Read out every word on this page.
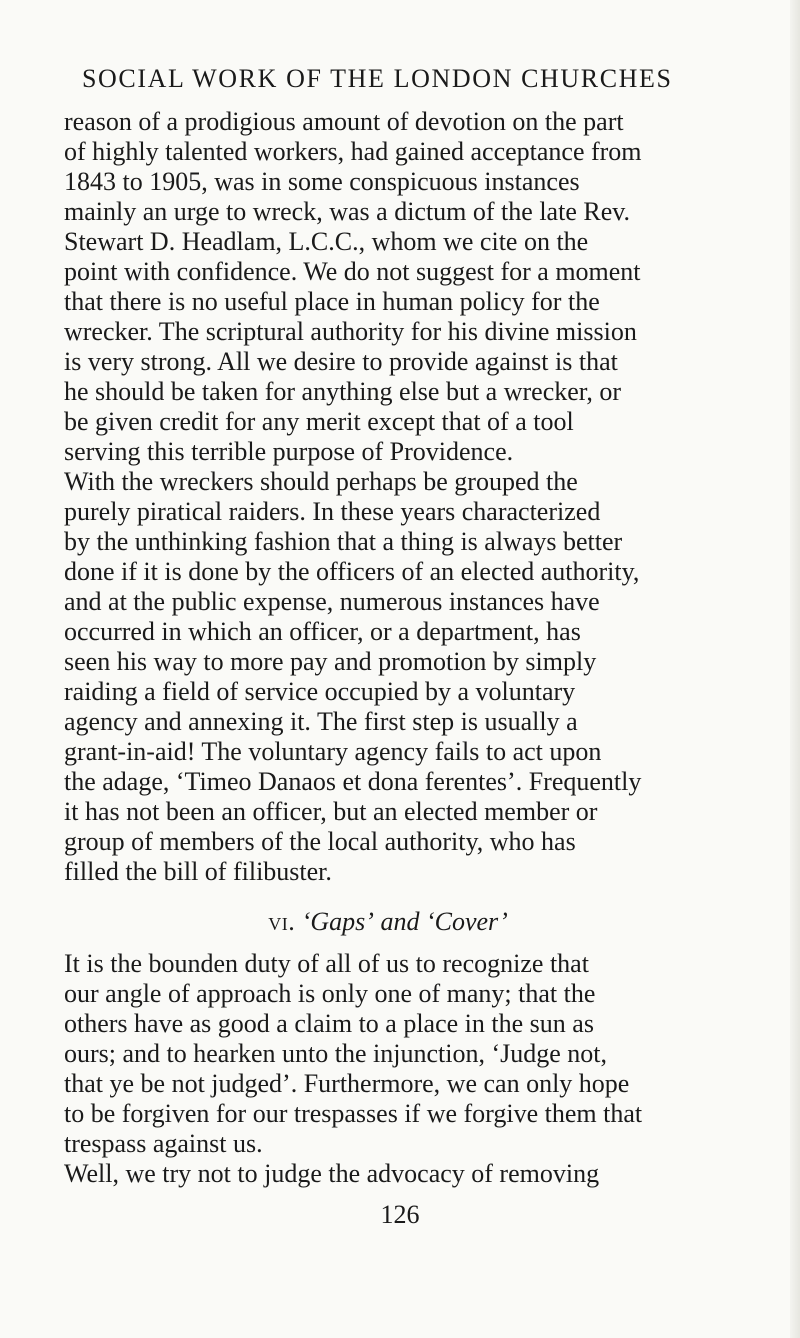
SOCIAL WORK OF THE LONDON CHURCHES
reason of a prodigious amount of devotion on the part
of highly talented workers, had gained acceptance from
1843 to 1905, was in some conspicuous instances
mainly an urge to wreck, was a dictum of the late Rev.
Stewart D. Headlam, L.C.C., whom we cite on the
point with confidence. We do not suggest for a moment
that there is no useful place in human policy for the
wrecker. The scriptural authority for his divine mission
is very strong. All we desire to provide against is that
he should be taken for anything else but a wrecker, or
be given credit for any merit except that of a tool
serving this terrible purpose of Providence.
With the wreckers should perhaps be grouped the
purely piratical raiders. In these years characterized
by the unthinking fashion that a thing is always better
done if it is done by the officers of an elected authority,
and at the public expense, numerous instances have
occurred in which an officer, or a department, has
seen his way to more pay and promotion by simply
raiding a field of service occupied by a voluntary
agency and annexing it. The first step is usually a
grant-in-aid! The voluntary agency fails to act upon
the adage, ‘Timeo Danaos et dona ferentes’. Frequently
it has not been an officer, but an elected member or
group of members of the local authority, who has
filled the bill of filibuster.
vi. ‘Gaps’ and ‘Cover’
It is the bounden duty of all of us to recognize that
our angle of approach is only one of many; that the
others have as good a claim to a place in the sun as
ours; and to hearken unto the injunction, ‘Judge not,
that ye be not judged’. Furthermore, we can only hope
to be forgiven for our trespasses if we forgive them that
trespass against us.
Well, we try not to judge the advocacy of removing
126
